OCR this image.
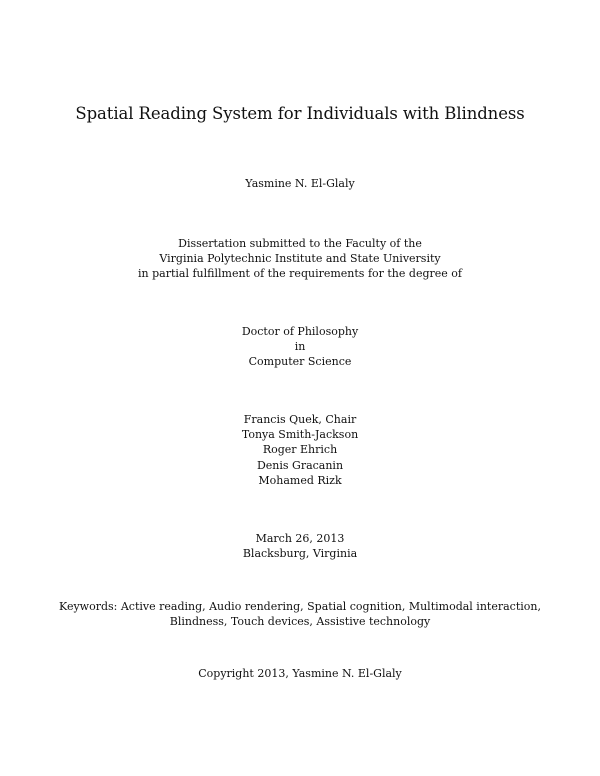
Spatial Reading System for Individuals with Blindness
Yasmine N. El-Glaly
Dissertation submitted to the Faculty of the
Virginia Polytechnic Institute and State University
in partial fulfillment of the requirements for the degree of
Doctor of Philosophy
in
Computer Science
Francis Quek, Chair
Tonya Smith-Jackson
Roger Ehrich
Denis Gracanin
Mohamed Rizk
March 26, 2013
Blacksburg, Virginia
Keywords: Active reading, Audio rendering, Spatial cognition, Multimodal interaction,
Blindness, Touch devices, Assistive technology
Copyright 2013, Yasmine N. El-Glaly
